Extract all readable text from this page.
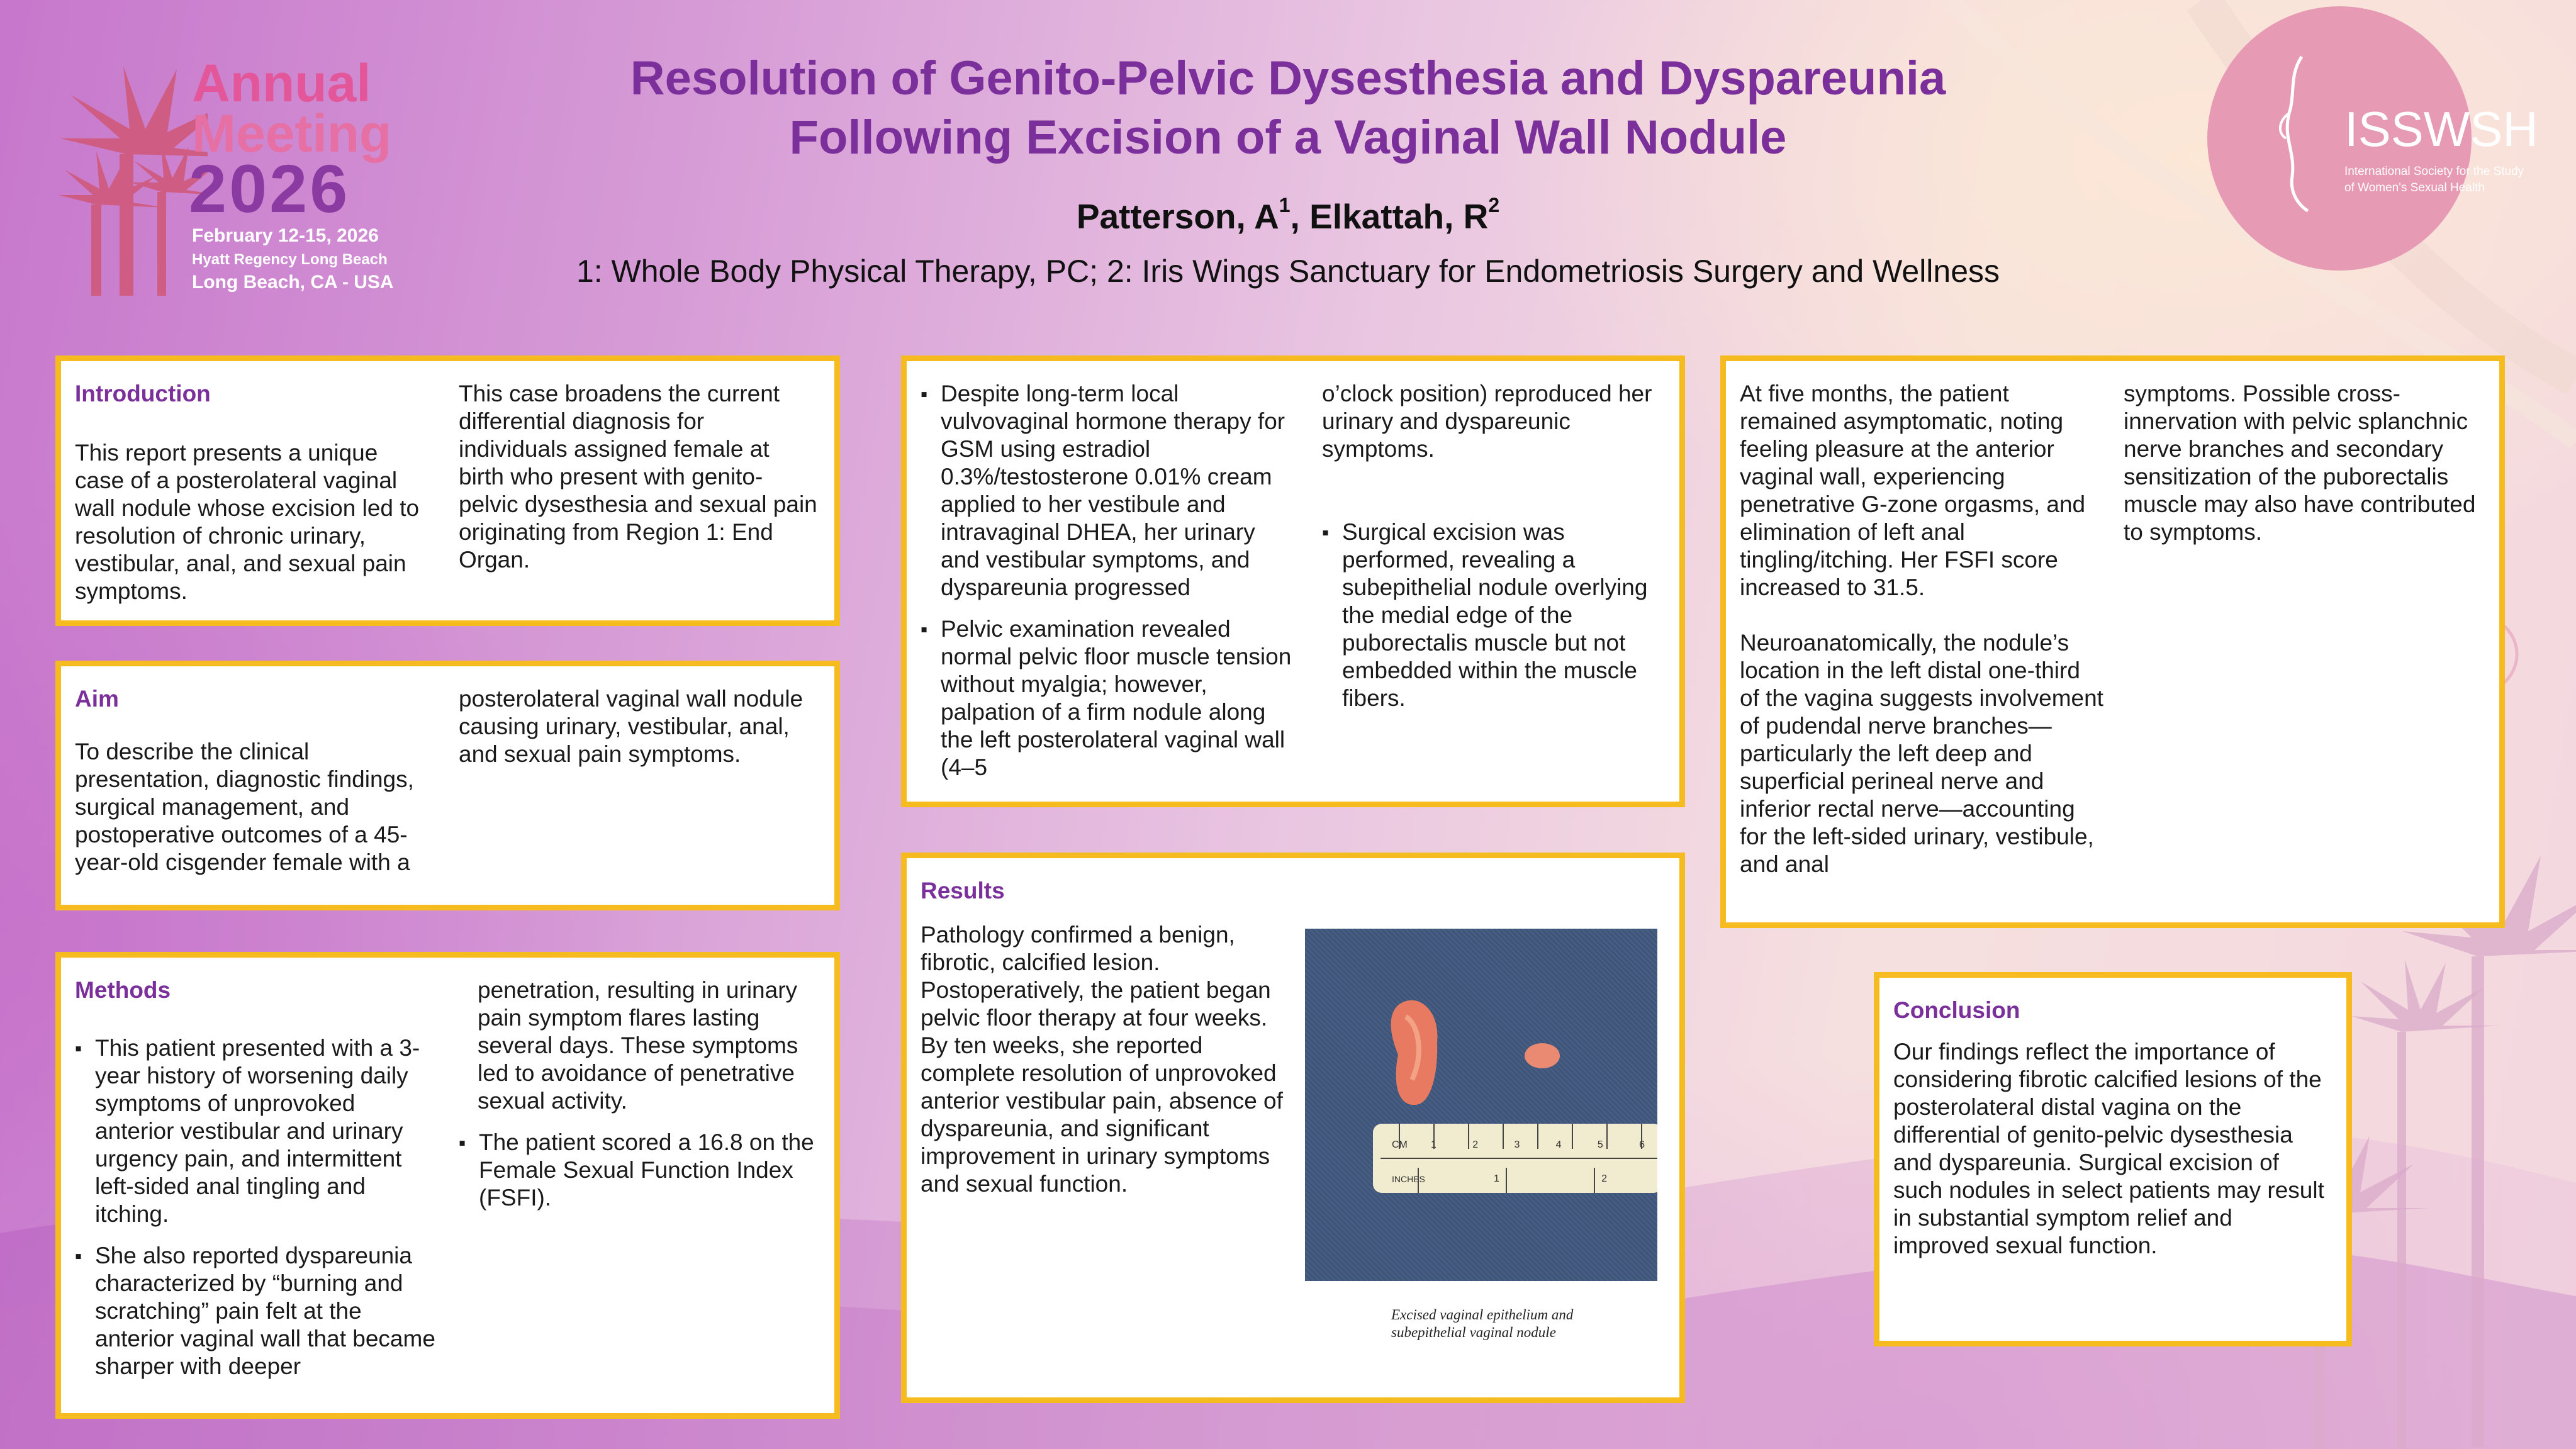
Annual
Meeting
2026
February 12-15, 2026
Hyatt Regency Long Beach
Long Beach, CA - USA
ISSWSH
International Society for the Study
of Women's Sexual Health
Resolution of Genito-Pelvic Dysesthesia and Dyspareunia
Following Excision of a Vaginal Wall Nodule
Patterson, $A^1$, Elkattah, $R^2$
1: Whole Body Physical Therapy, PC; 2: Iris Wings Sanctuary for Endometriosis Surgery and Wellness

Introduction

This report presents a unique case of a posterolateral vaginal wall nodule whose excision led to resolution of chronic urinary, vestibular, anal, and sexual pain symptoms.

This case broadens the current differential diagnosis for individuals assigned female at birth who present with genito-pelvic dysesthesia and sexual pain originating from Region 1: End Organ.

Aim

To describe the clinical presentation, diagnostic findings, surgical management, and postoperative outcomes of a 45-year-old cisgender female with a

posterolateral vaginal wall nodule causing urinary, vestibular, anal, and sexual pain symptoms.

Methods

▪ This patient presented with a 3-year history of worsening daily symptoms of unprovoked anterior vestibular and urinary urgency pain, and intermittent left-sided anal tingling and itching.
▪ She also reported dyspareunia characterized by “burning and scratching” pain felt at the anterior vaginal wall that became sharper with deeper

penetration, resulting in urinary pain symptom flares lasting several days. These symptoms led to avoidance of penetrative sexual activity.

▪ The patient scored a 16.8 on the Female Sexual Function Index (FSFI).
▪ Despite long-term local vulvovaginal hormone therapy for GSM using estradiol 0.3%/testosterone 0.01% cream applied to her vestibule and intravaginal DHEA, her urinary and vestibular symptoms, and dyspareunia progressed
▪ Pelvic examination revealed normal pelvic floor muscle tension without myalgia; however, palpation of a firm nodule along the left posterolateral vaginal wall (4–5

o’clock position) reproduced her urinary and dyspareunic symptoms.

▪ Surgical excision was performed, revealing a subepithelial nodule overlying the medial edge of the puborectalis muscle but not embedded within the muscle fibers.

Results

Pathology confirmed a benign, fibrotic, calcified lesion. Postoperatively, the patient began pelvic floor therapy at four weeks. By ten weeks, she reported complete resolution of unprovoked anterior vestibular pain, absence of dyspareunia, and significant improvement in urinary symptoms and sexual function.

CM 1	2	3	4	5	6
INCHES	1	2
Excised vaginal epithelium and
subepithelial vaginal nodule

At five months, the patient remained asymptomatic, noting feeling pleasure at the anterior vaginal wall, experiencing penetrative G-zone orgasms, and elimination of left anal tingling/itching. Her FSFI score increased to 31.5.

Neuroanatomically, the nodule’s location in the left distal one-third of the vagina suggests involvement of pudendal nerve branches—particularly the left deep and superficial perineal nerve and inferior rectal nerve—accounting for the left-sided urinary, vestibule, and anal

symptoms. Possible cross-innervation with pelvic splanchnic nerve branches and secondary sensitization of the puborectalis muscle may also have contributed to symptoms.

Conclusion

Our findings reflect the importance of considering fibrotic calcified lesions of the posterolateral distal vagina on the differential of genito-pelvic dysesthesia and dyspareunia. Surgical excision of such nodules in select patients may result in substantial symptom relief and improved sexual function.
